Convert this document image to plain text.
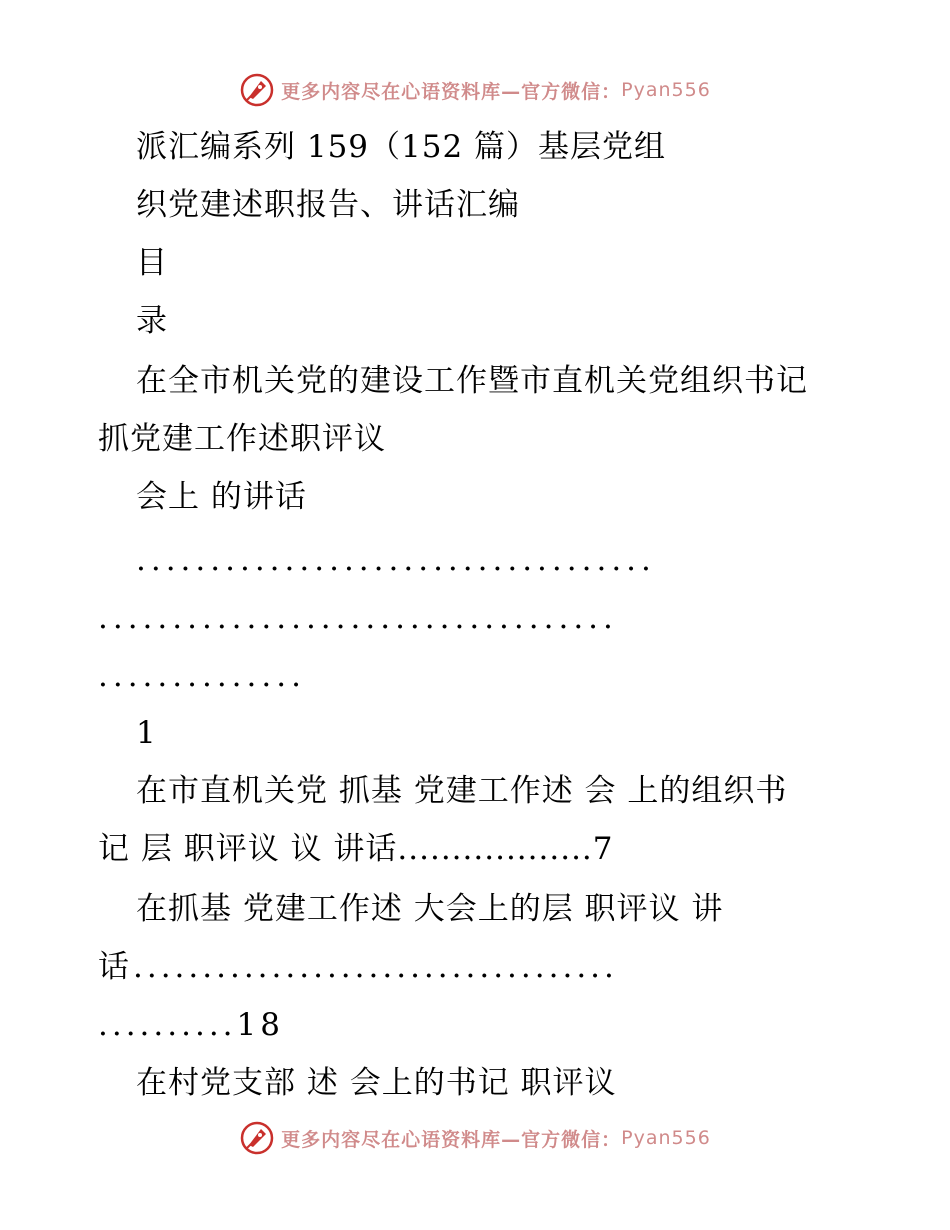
更多内容尽在心语资料库—官方微信： Pyan556
派汇编系列 159（152 篇）基层党组
织党建述职报告、讲话汇编
目
录
在全市机关党的建设工作暨市直机关党组织书记
抓党建工作述职评议
会上 的讲话
...................................
...................................
..............
1
在市直机关党 抓基 党建工作述 会 上的组织书
记 层 职评议 议 讲话..................7
在抓基 党建工作述 大会上的层 职评议 讲
话...................................
..........18
在村党支部 述 会上的书记 职评议
更多内容尽在心语资料库—官方微信： Pyan556
